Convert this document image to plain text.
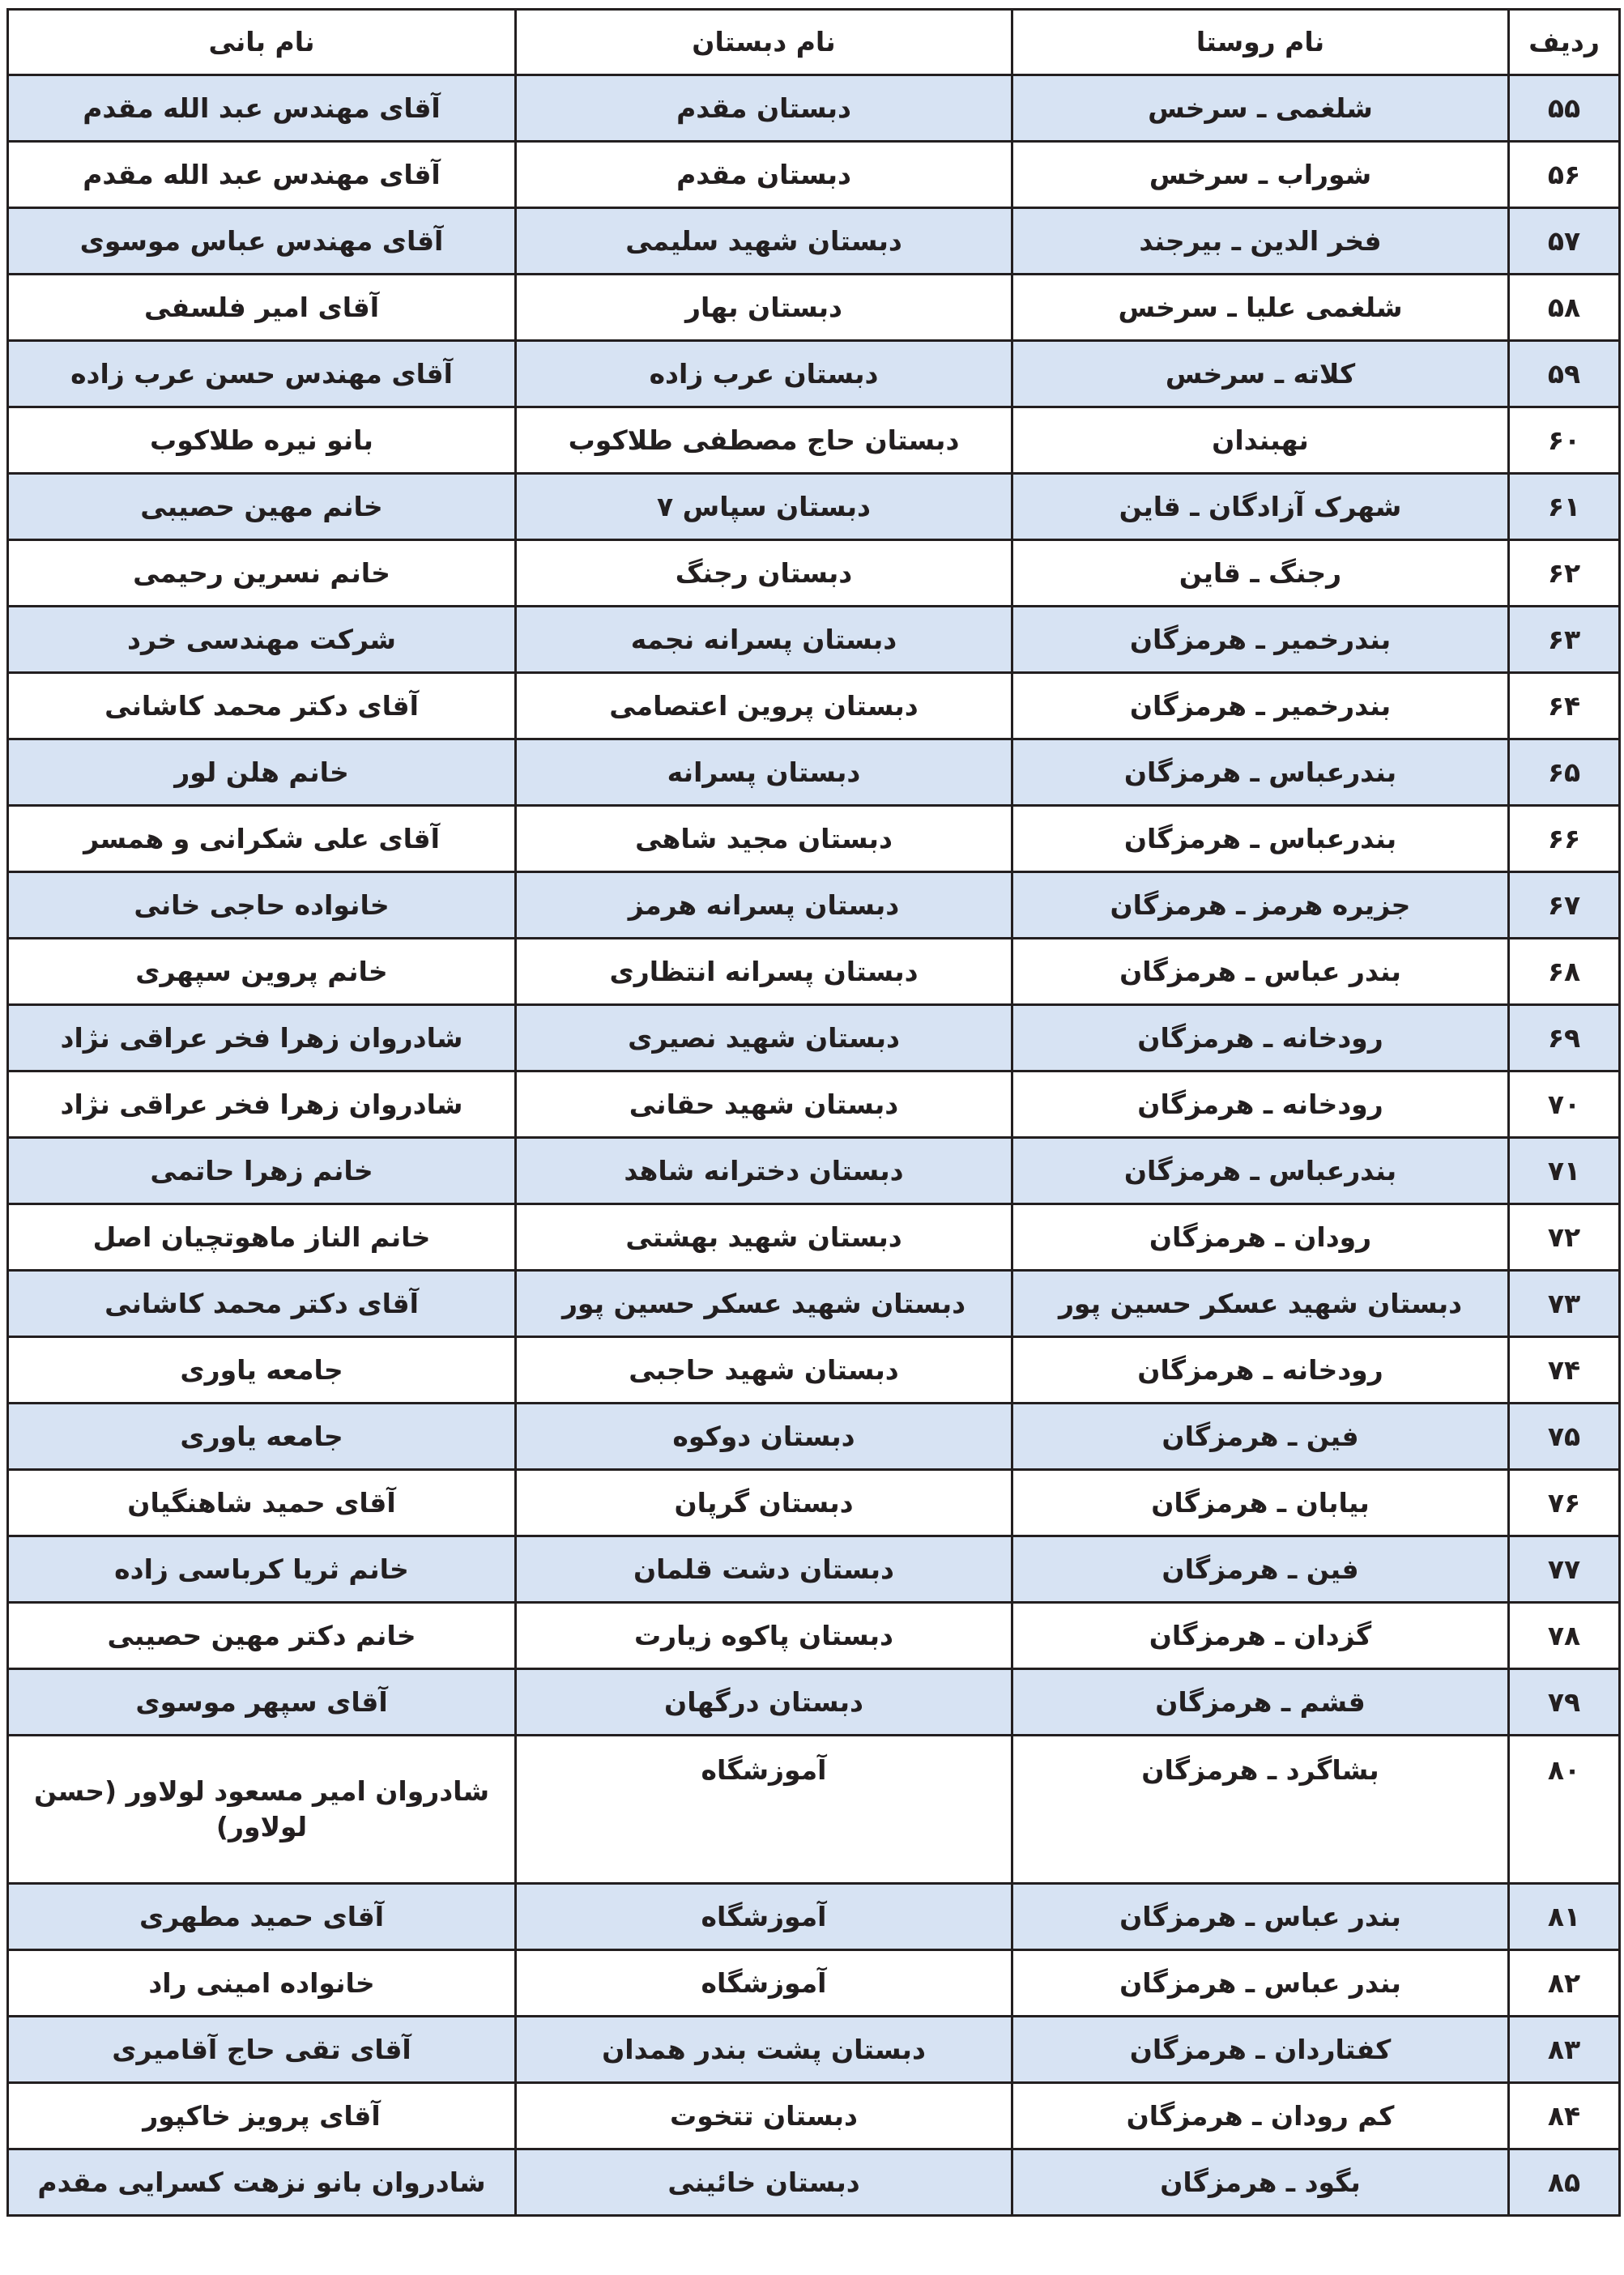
ردیف	نام روستا	نام دبستان	نام بانی
۵۵	شلغمی ـ سرخس	دبستان مقدم	آقای مهندس عبد الله مقدم
۵۶	شوراب ـ سرخس	دبستان مقدم	آقای مهندس عبد الله مقدم
۵۷	فخر الدین ـ بیرجند	دبستان شهید سلیمی	آقای مهندس عباس موسوی
۵۸	شلغمی علیا ـ سرخس	دبستان بهار	آقای امیر فلسفی
۵۹	کلاته ـ سرخس	دبستان عرب زاده	آقای مهندس حسن عرب زاده
۶۰	نهبندان	دبستان حاج مصطفی طلاکوب	بانو نیره طلاکوب
۶۱	شهرک آزادگان ـ قاین	دبستان سپاس ۷	خانم مهین حصیبی
۶۲	رجنگ ـ قاین	دبستان رجنگ	خانم نسرین رحیمی
۶۳	بندرخمیر ـ هرمزگان	دبستان پسرانه نجمه	شرکت مهندسی خرد
۶۴	بندرخمیر ـ هرمزگان	دبستان پروین اعتصامی	آقای دکتر محمد کاشانی
۶۵	بندرعباس ـ هرمزگان	دبستان پسرانه	خانم هلن لور
۶۶	بندرعباس ـ هرمزگان	دبستان مجید شاهی	آقای علی شکرانی و همسر
۶۷	جزیره هرمز ـ هرمزگان	دبستان پسرانه هرمز	خانواده حاجی خانی
۶۸	بندر عباس ـ هرمزگان	دبستان پسرانه انتظاری	خانم پروین سپهری
۶۹	رودخانه ـ هرمزگان	دبستان شهید نصیری	شادروان زهرا فخر عراقی نژاد
۷۰	رودخانه ـ هرمزگان	دبستان شهید حقانی	شادروان زهرا فخر عراقی نژاد
۷۱	بندرعباس ـ هرمزگان	دبستان دخترانه شاهد	خانم زهرا حاتمی
۷۲	رودان ـ هرمزگان	دبستان شهید بهشتی	خانم الناز ماهوتچیان اصل
۷۳	دبستان شهید عسکر حسین پور	دبستان شهید عسکر حسین پور	آقای دکتر محمد کاشانی
۷۴	رودخانه ـ هرمزگان	دبستان شهید حاجبی	جامعه یاوری
۷۵	فین ـ هرمزگان	دبستان دوکوه	جامعه یاوری
۷۶	بیابان ـ هرمزگان	دبستان گرپان	آقای حمید شاهنگیان
۷۷	فین ـ هرمزگان	دبستان دشت قلمان	خانم ثریا کرباسی زاده
۷۸	گزدان ـ هرمزگان	دبستان پاکوه زیارت	خانم دکتر مهین حصیبی
۷۹	قشم ـ هرمزگان	دبستان درگهان	آقای سپهر موسوی
۸۰	بشاگرد ـ هرمزگان	آموزشگاه	شادروان امیر مسعود لولاور (حسن لولاور)
۸۱	بندر عباس ـ هرمزگان	آموزشگاه	آقای حمید مطهری
۸۲	بندر عباس ـ هرمزگان	آموزشگاه	خانواده امینی راد
۸۳	کفتاردان ـ هرمزگان	دبستان پشت بندر همدان	آقای تقی حاج آقامیری
۸۴	کم رودان ـ هرمزگان	دبستان تتخوت	آقای پرویز خاکپور
۸۵	بگود ـ هرمزگان	دبستان خائینی	شادروان بانو نزهت کسرایی مقدم
